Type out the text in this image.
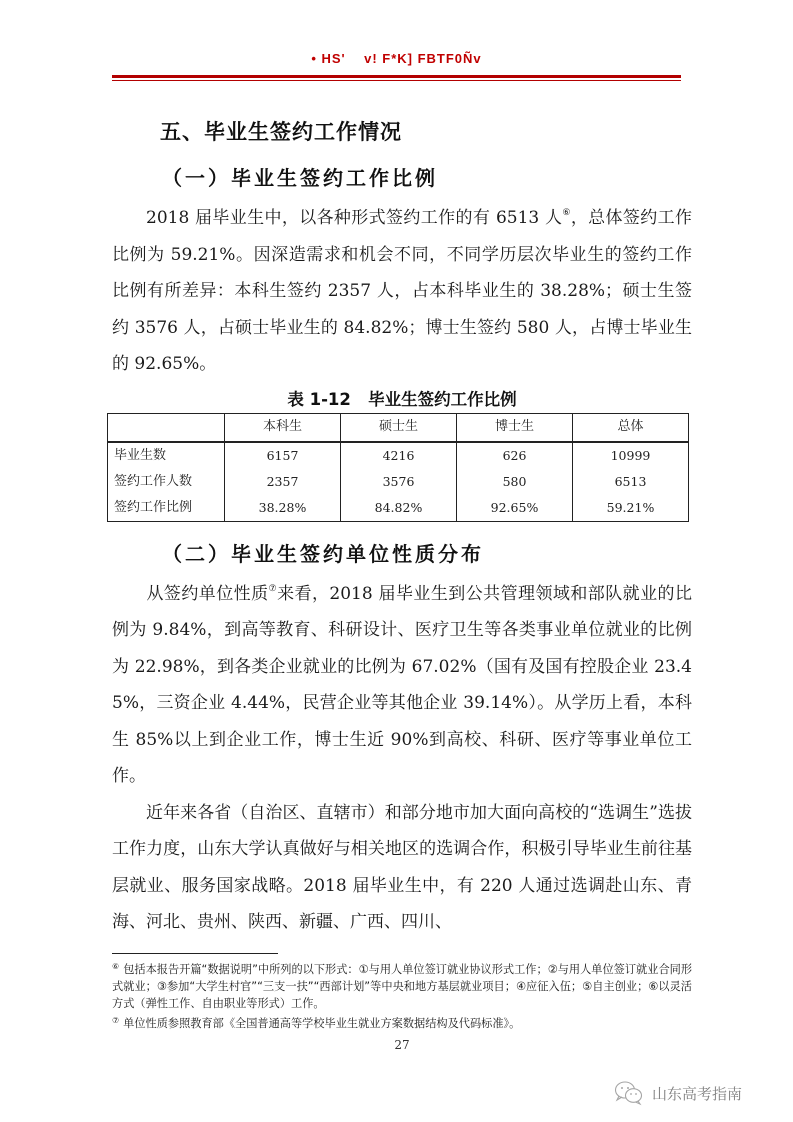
• HS'    v! F*K] FBTF0Ñv
五、毕业生签约工作情况
（一）毕业生签约工作比例

2018 届毕业生中，以各种形式签约工作的有 6513 人⑥，总体签约工作比例为 59.21%。因深造需求和机会不同，不同学历层次毕业生的签约工作比例有所差异：本科生签约 2357 人，占本科毕业生的 38.28%；硕士生签约 3576 人，占硕士毕业生的 84.82%；博士生签约 580 人，占博士毕业生的 92.65%。

表 1-12   毕业生签约工作比例
	本科生	硕士生	博士生	总体
毕业生数	6157	4216	626	10999
签约工作人数	2357	3576	580	6513
签约工作比例	38.28%	84.82%	92.65%	59.21%
（二）毕业生签约单位性质分布

从签约单位性质⑦来看，2018 届毕业生到公共管理领域和部队就业的比例为 9.84%，到高等教育、科研设计、医疗卫生等各类事业单位就业的比例为 22.98%，到各类企业就业的比例为 67.02%（国有及国有控股企业 23.45%，三资企业 4.44%，民营企业等其他企业 39.14%）。从学历上看，本科生 85%以上到企业工作，博士生近 90%到高校、科研、医疗等事业单位工作。

近年来各省（自治区、直辖市）和部分地市加大面向高校的“选调生”选拔工作力度，山东大学认真做好与相关地区的选调合作，积极引导毕业生前往基层就业、服务国家战略。2018 届毕业生中，有 220 人通过选调赴山东、青海、河北、贵州、陕西、新疆、广西、四川、

⑥ 包括本报告开篇“数据说明”中所列的以下形式：①与用人单位签订就业协议形式工作；②与用人单位签订就业合同形式就业；③参加“大学生村官”“三支一扶”“西部计划”等中央和地方基层就业项目；④应征入伍；⑤自主创业；⑥以灵活方式（弹性工作、自由职业等形式）工作。
⑦ 单位性质参照教育部《全国普通高等学校毕业生就业方案数据结构及代码标准》。
27
山东高考指南
